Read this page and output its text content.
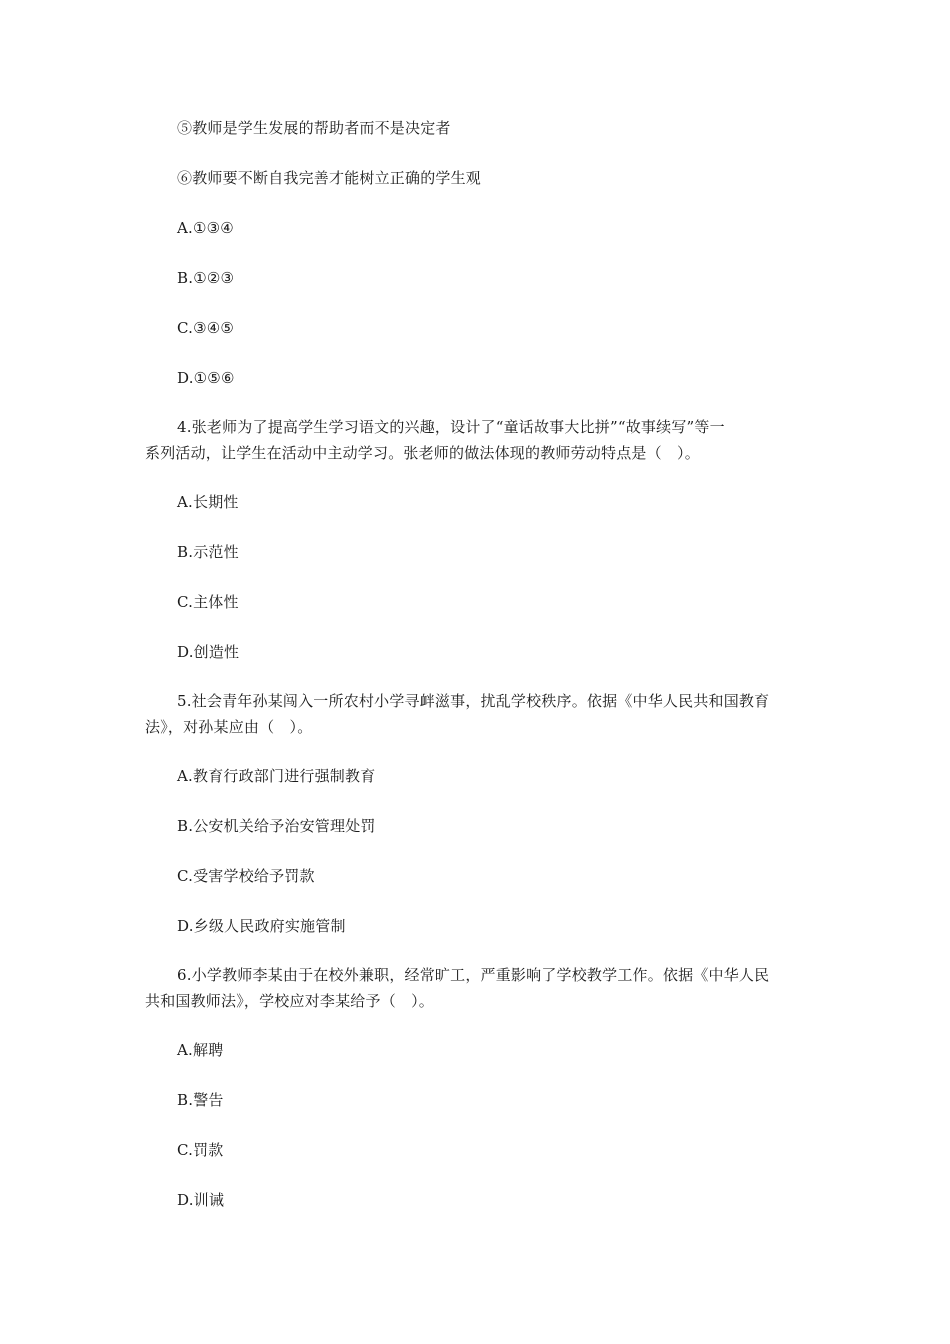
⑤教师是学生发展的帮助者而不是决定者
⑥教师要不断自我完善才能树立正确的学生观
A.①③④
B.①②③
C.③④⑤
D.①⑤⑥
4.张老师为了提高学生学习语文的兴趣，设计了“童话故事大比拼”“故事续写”等一
系列活动，让学生在活动中主动学习。张老师的做法体现的教师劳动特点是（　）。
A.长期性
B.示范性
C.主体性
D.创造性
5.社会青年孙某闯入一所农村小学寻衅滋事，扰乱学校秩序。依据《中华人民共和国教育
法》，对孙某应由（　）。
A.教育行政部门进行强制教育
B.公安机关给予治安管理处罚
C.受害学校给予罚款
D.乡级人民政府实施管制
6.小学教师李某由于在校外兼职，经常旷工，严重影响了学校教学工作。依据《中华人民
共和国教师法》，学校应对李某给予（　）。
A.解聘
B.警告
C.罚款
D.训诫
